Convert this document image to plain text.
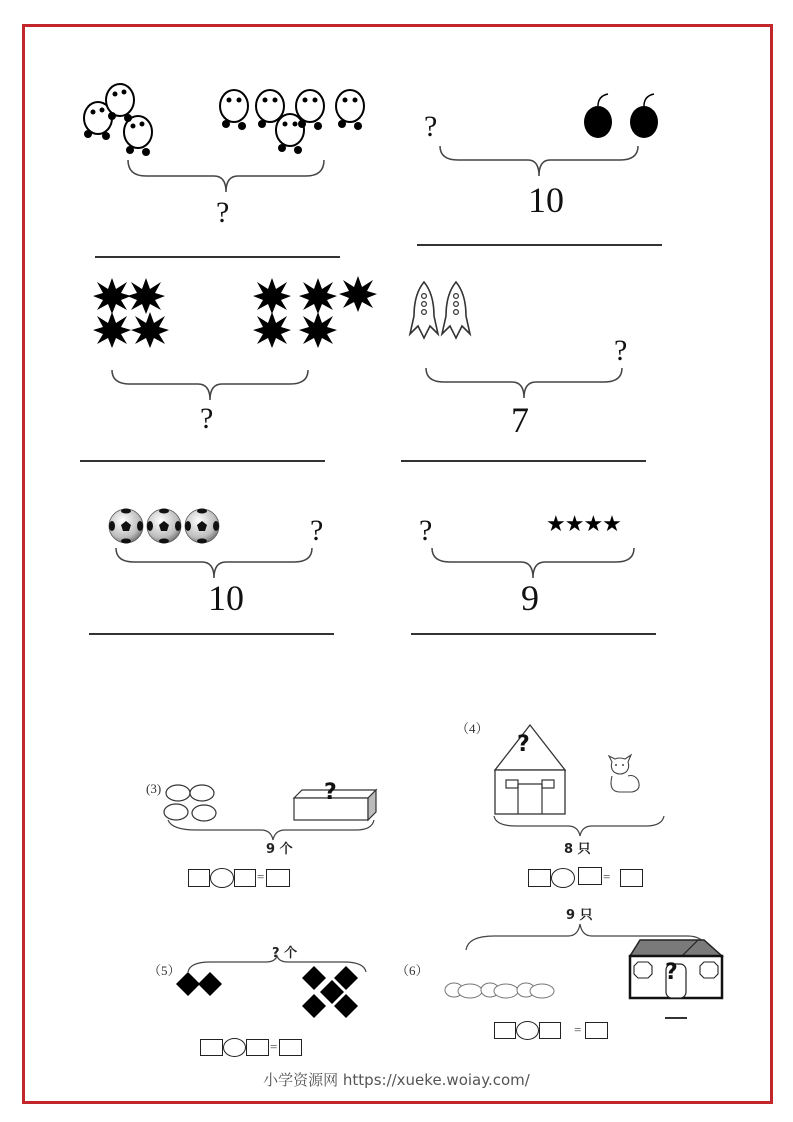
?
?
10
?
?
7
?
10
?	★★★★
9
(3)	?
9 个
=
（4）
?
8 只
=
? 个
（5）
=
9 只
（6）	?
=
小学资源网 https://xueke.woiay.com/
